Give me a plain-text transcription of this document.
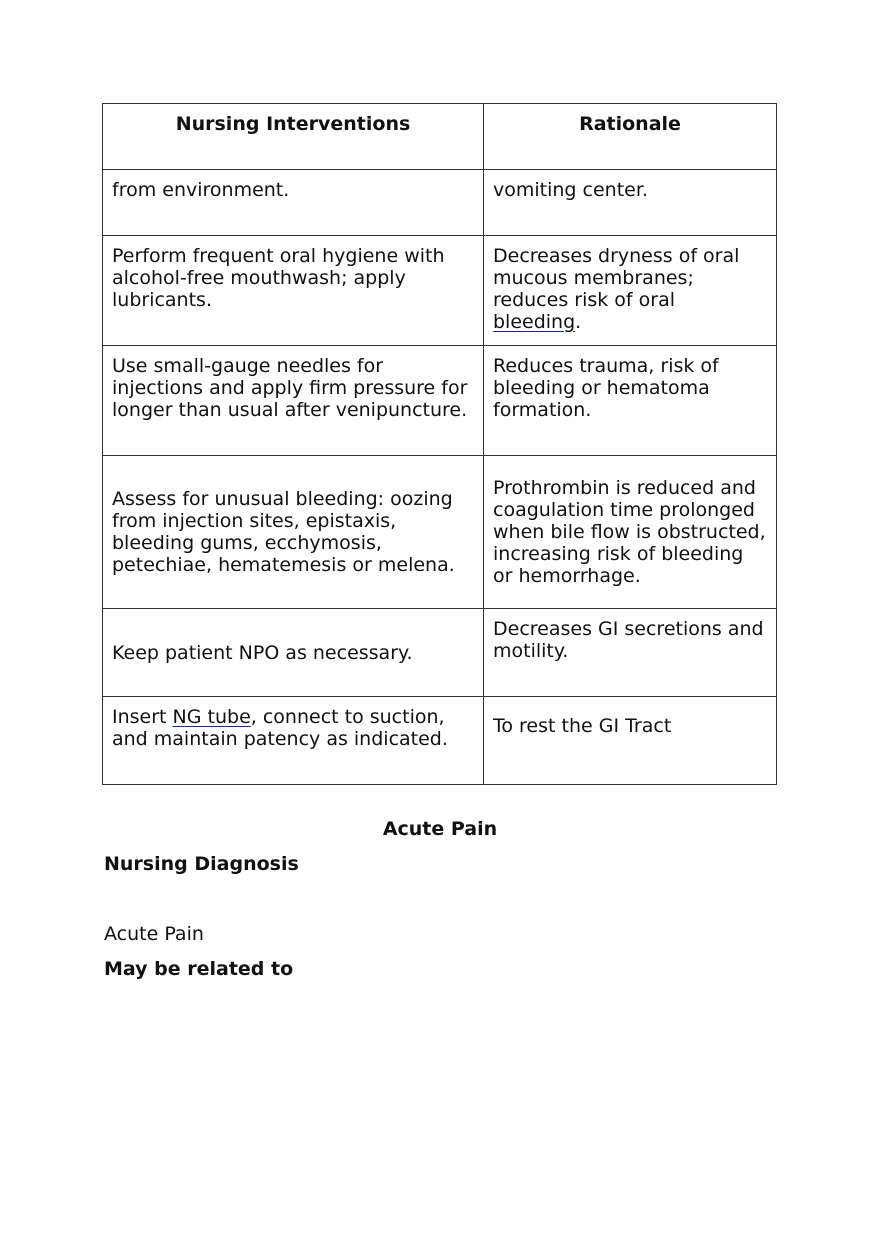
Nursing Interventions	Rationale
from environment.	vomiting center.
Perform frequent oral hygiene with alcohol-free mouthwash; apply lubricants.	Decreases dryness of oral mucous membranes; reduces risk of oral bleeding.
Use small-gauge needles for injections and apply firm pressure for longer than usual after venipuncture.	Reduces trauma, risk of bleeding or hematoma formation.
Assess for unusual bleeding: oozing from injection sites, epistaxis, bleeding gums, ecchymosis, petechiae, hematemesis or melena.	Prothrombin is reduced and coagulation time prolonged when bile flow is obstructed, increasing risk of bleeding or hemorrhage.
Keep patient NPO as necessary.	Decreases GI secretions and motility.
Insert NG tube, connect to suction, and maintain patency as indicated.	To rest the GI Tract
Acute Pain
Nursing Diagnosis
Acute Pain
May be related to
